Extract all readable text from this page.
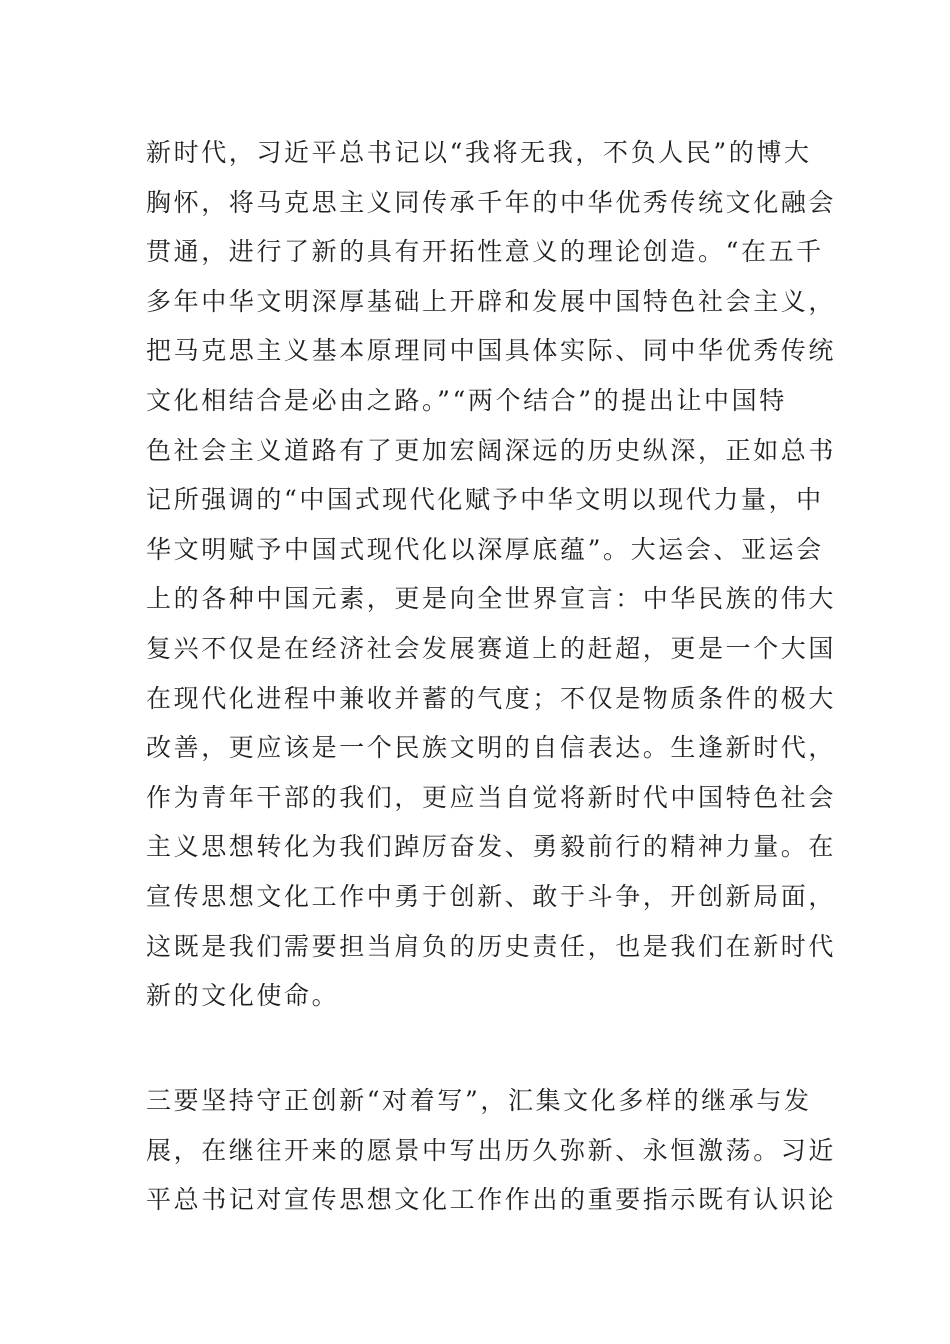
新时代，习近平总书记以“我将无我，不负人民”的博大
胸怀，将马克思主义同传承千年的中华优秀传统文化融会
贯通，进行了新的具有开拓性意义的理论创造。“在五千
多年中华文明深厚基础上开辟和发展中国特色社会主义，
把马克思主义基本原理同中国具体实际、同中华优秀传统
文化相结合是必由之路。”“两个结合”的提出让中国特
色社会主义道路有了更加宏阔深远的历史纵深，正如总书
记所强调的“中国式现代化赋予中华文明以现代力量，中
华文明赋予中国式现代化以深厚底蕴”。大运会、亚运会
上的各种中国元素，更是向全世界宣言：中华民族的伟大
复兴不仅是在经济社会发展赛道上的赶超，更是一个大国
在现代化进程中兼收并蓄的气度；不仅是物质条件的极大
改善，更应该是一个民族文明的自信表达。生逢新时代，
作为青年干部的我们，更应当自觉将新时代中国特色社会
主义思想转化为我们踔厉奋发、勇毅前行的精神力量。在
宣传思想文化工作中勇于创新、敢于斗争，开创新局面，
这既是我们需要担当肩负的历史责任，也是我们在新时代
新的文化使命。
三要坚持守正创新“对着写”，汇集文化多样的继承与发
展，在继往开来的愿景中写出历久弥新、永恒激荡。习近
平总书记对宣传思想文化工作作出的重要指示既有认识论
